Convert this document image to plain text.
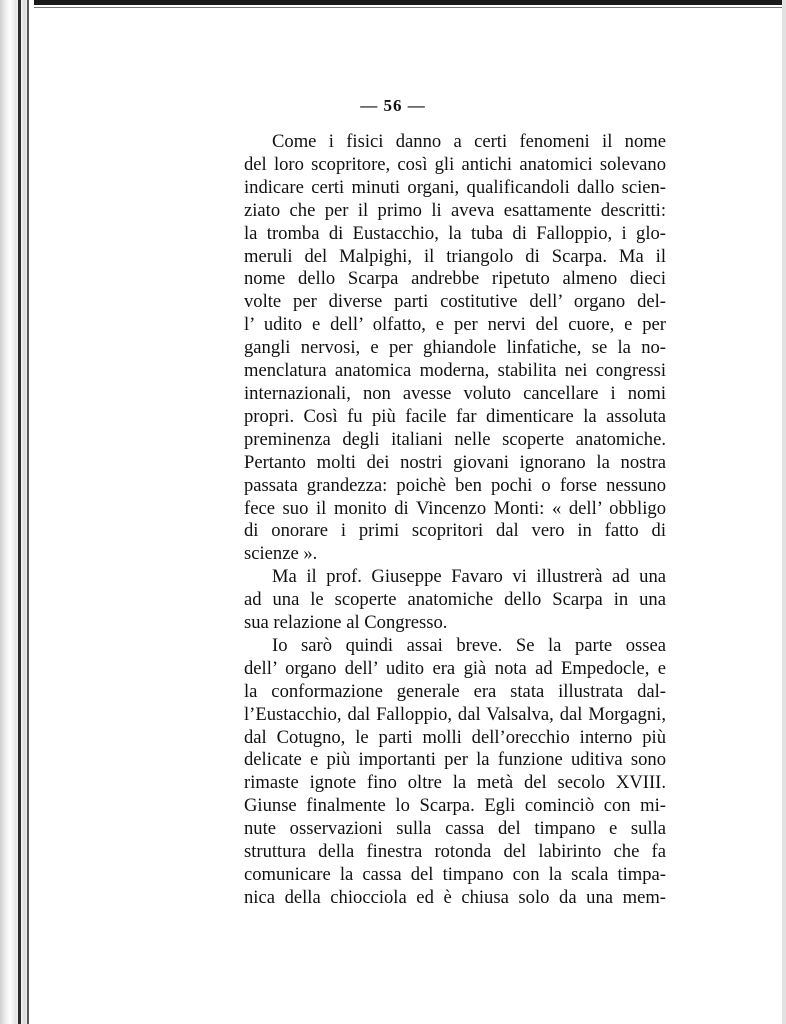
— 56 —
Come i fisici danno a certi fenomeni il nome
del loro scopritore, così gli antichi anatomici solevano
indicare certi minuti organi, qualificandoli dallo scien-
ziato che per il primo li aveva esattamente descritti:
la tromba di Eustacchio, la tuba di Falloppio, i glo-
meruli del Malpighi, il triangolo di Scarpa. Ma il
nome dello Scarpa andrebbe ripetuto almeno dieci
volte per diverse parti costitutive dell’ organo del-
l’ udito e dell’ olfatto, e per nervi del cuore, e per
gangli nervosi, e per ghiandole linfatiche, se la no-
menclatura anatomica moderna, stabilita nei congressi
internazionali, non avesse voluto cancellare i nomi
propri. Così fu più facile far dimenticare la assoluta
preminenza degli italiani nelle scoperte anatomiche.
Pertanto molti dei nostri giovani ignorano la nostra
passata grandezza: poichè ben pochi o forse nessuno
fece suo il monito di Vincenzo Monti: « dell’ obbligo
di onorare i primi scopritori dal vero in fatto di
scienze ».
Ma il prof. Giuseppe Favaro vi illustrerà ad una
ad una le scoperte anatomiche dello Scarpa in una
sua relazione al Congresso.
Io sarò quindi assai breve. Se la parte ossea
dell’ organo dell’ udito era già nota ad Empedocle, e
la conformazione generale era stata illustrata dal-
l’Eustacchio, dal Falloppio, dal Valsalva, dal Morgagni,
dal Cotugno, le parti molli dell’orecchio interno più
delicate e più importanti per la funzione uditiva sono
rimaste ignote fino oltre la metà del secolo XVIII.
Giunse finalmente lo Scarpa. Egli cominciò con mi-
nute osservazioni sulla cassa del timpano e sulla
struttura della finestra rotonda del labirinto che fa
comunicare la cassa del timpano con la scala timpa-
nica della chiocciola ed è chiusa solo da una mem-
